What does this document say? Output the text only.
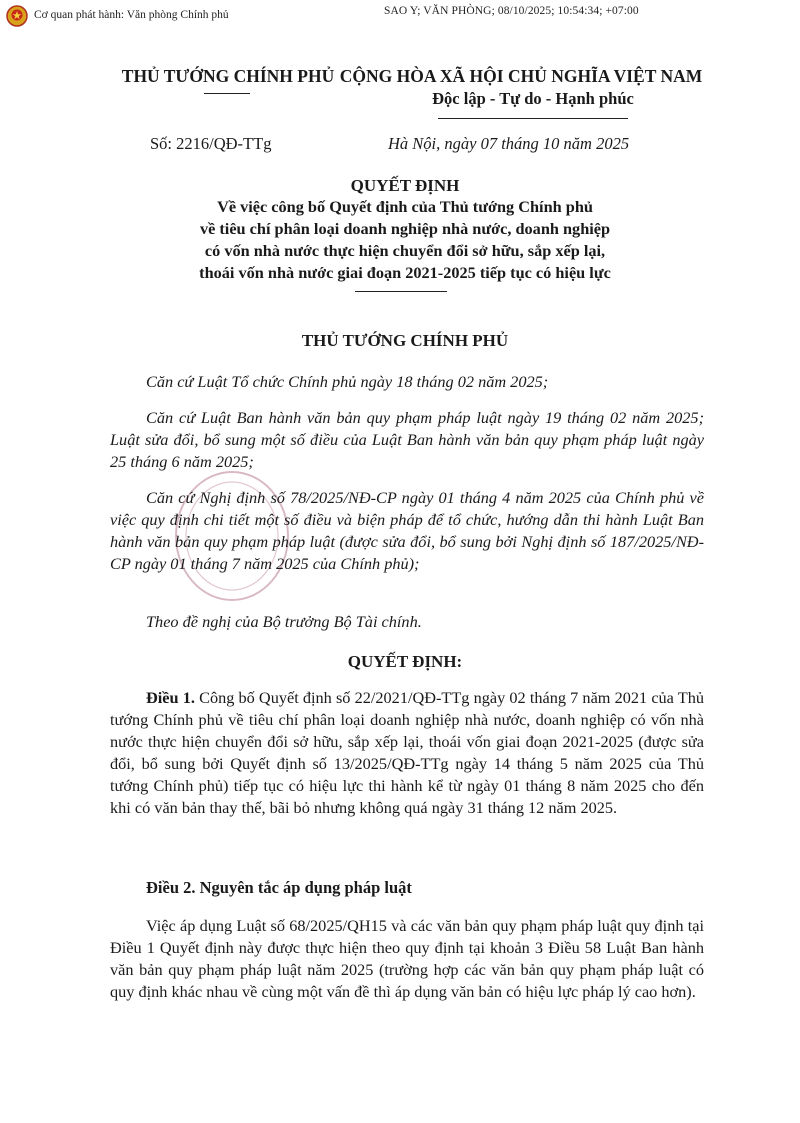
Cơ quan phát hành: Văn phòng Chính phủ	SAO Y; VĂN PHÒNG; 08/10/2025; 10:54:34; +07:00
THỦ TƯỚNG CHÍNH PHỦ CỘNG HÒA XÃ HỘI CHỦ NGHĨA VIỆT NAM
Độc lập - Tự do - Hạnh phúc
Số: 2216/QĐ-TTg	Hà Nội, ngày 07 tháng 10 năm 2025
QUYẾT ĐỊNH
Về việc công bố Quyết định của Thủ tướng Chính phủ
về tiêu chí phân loại doanh nghiệp nhà nước, doanh nghiệp
có vốn nhà nước thực hiện chuyển đổi sở hữu, sắp xếp lại,
thoái vốn nhà nước giai đoạn 2021-2025 tiếp tục có hiệu lực
THỦ TƯỚNG CHÍNH PHỦ
Căn cứ Luật Tổ chức Chính phủ ngày 18 tháng 02 năm 2025;
Căn cứ Luật Ban hành văn bản quy phạm pháp luật ngày 19 tháng 02 năm 2025; Luật sửa đổi, bổ sung một số điều của Luật Ban hành văn bản quy phạm pháp luật ngày 25 tháng 6 năm 2025;
Căn cứ Nghị định số 78/2025/NĐ-CP ngày 01 tháng 4 năm 2025 của Chính phủ về việc quy định chi tiết một số điều và biện pháp để tổ chức, hướng dẫn thi hành Luật Ban hành văn bản quy phạm pháp luật (được sửa đổi, bổ sung bởi Nghị định số 187/2025/NĐ-CP ngày 01 tháng 7 năm 2025 của Chính phủ);
Theo đề nghị của Bộ trưởng Bộ Tài chính.
QUYẾT ĐỊNH:
Điều 1. Công bố Quyết định số 22/2021/QĐ-TTg ngày 02 tháng 7 năm 2021 của Thủ tướng Chính phủ về tiêu chí phân loại doanh nghiệp nhà nước, doanh nghiệp có vốn nhà nước thực hiện chuyển đổi sở hữu, sắp xếp lại, thoái vốn giai đoạn 2021-2025 (được sửa đổi, bổ sung bởi Quyết định số 13/2025/QĐ-TTg ngày 14 tháng 5 năm 2025 của Thủ tướng Chính phủ) tiếp tục có hiệu lực thi hành kể từ ngày 01 tháng 8 năm 2025 cho đến khi có văn bản thay thế, bãi bỏ nhưng không quá ngày 31 tháng 12 năm 2025.
Điều 2. Nguyên tắc áp dụng pháp luật
Việc áp dụng Luật số 68/2025/QH15 và các văn bản quy phạm pháp luật quy định tại Điều 1 Quyết định này được thực hiện theo quy định tại khoản 3 Điều 58 Luật Ban hành văn bản quy phạm pháp luật năm 2025 (trường hợp các văn bản quy phạm pháp luật có quy định khác nhau về cùng một vấn đề thì áp dụng văn bản có hiệu lực pháp lý cao hơn).
